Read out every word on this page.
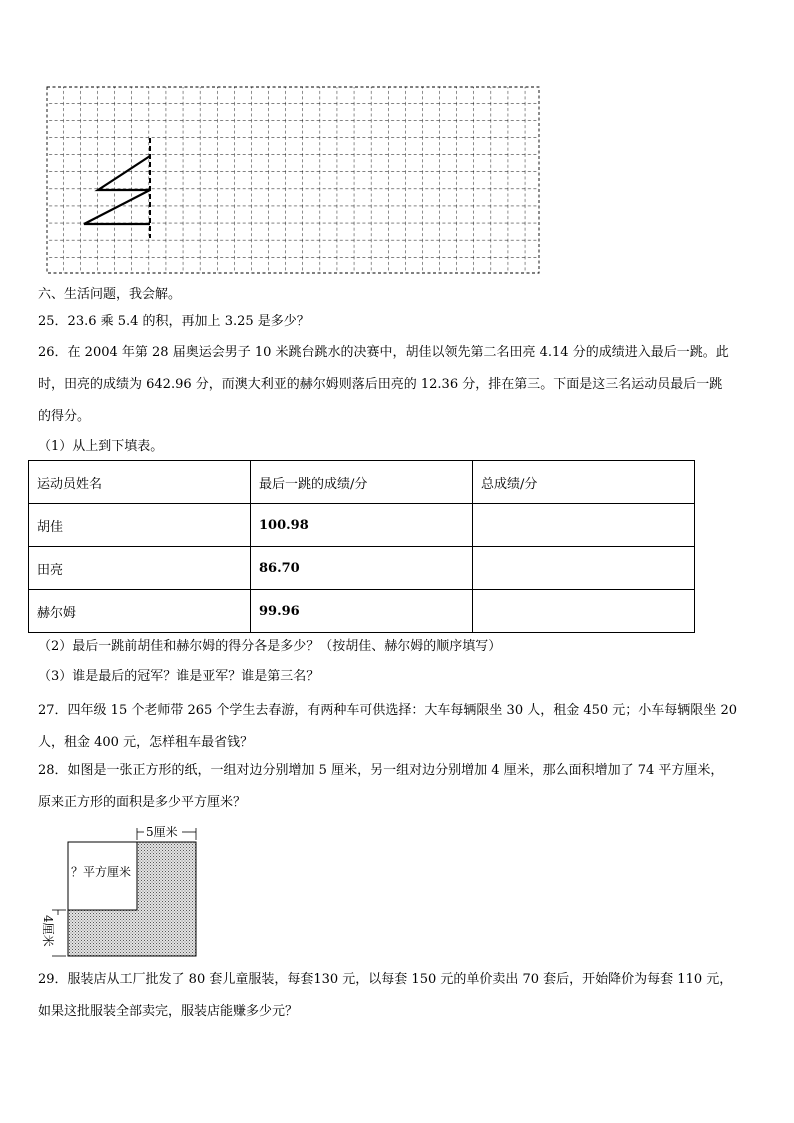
六、生活问题，我会解。
25．23.6 乘 5.4 的积，再加上 3.25 是多少？
26．在 2004 年第 28 届奥运会男子 10 米跳台跳水的决赛中，胡佳以领先第二名田亮 4.14 分的成绩进入最后一跳。此
时，田亮的成绩为 642.96 分，而澳大利亚的赫尔姆则落后田亮的 12.36 分，排在第三。下面是这三名运动员最后一跳
的得分。
（1）从上到下填表。
运动员姓名	最后一跳的成绩/分	总成绩/分
胡佳	100.98	
田亮	86.70	
赫尔姆	99.96	
（2）最后一跳前胡佳和赫尔姆的得分各是多少？（按胡佳、赫尔姆的顺序填写）
（3）谁是最后的冠军？谁是亚军？谁是第三名？
27．四年级 15 个老师带 265 个学生去春游，有两种车可供选择：大车每辆限坐 30 人，租金 450 元；小车每辆限坐 20
人，租金 400 元，怎样租车最省钱？
28．如图是一张正方形的纸，一组对边分别增加 5 厘米，另一组对边分别增加 4 厘米，那么面积增加了 74 平方厘米，
原来正方形的面积是多少平方厘米？
5厘米
？平方厘米
4厘米
29．服装店从工厂批发了 80 套儿童服装，每套130 元，以每套 150 元的单价卖出 70 套后，开始降价为每套 110 元，
如果这批服装全部卖完，服装店能赚多少元？
